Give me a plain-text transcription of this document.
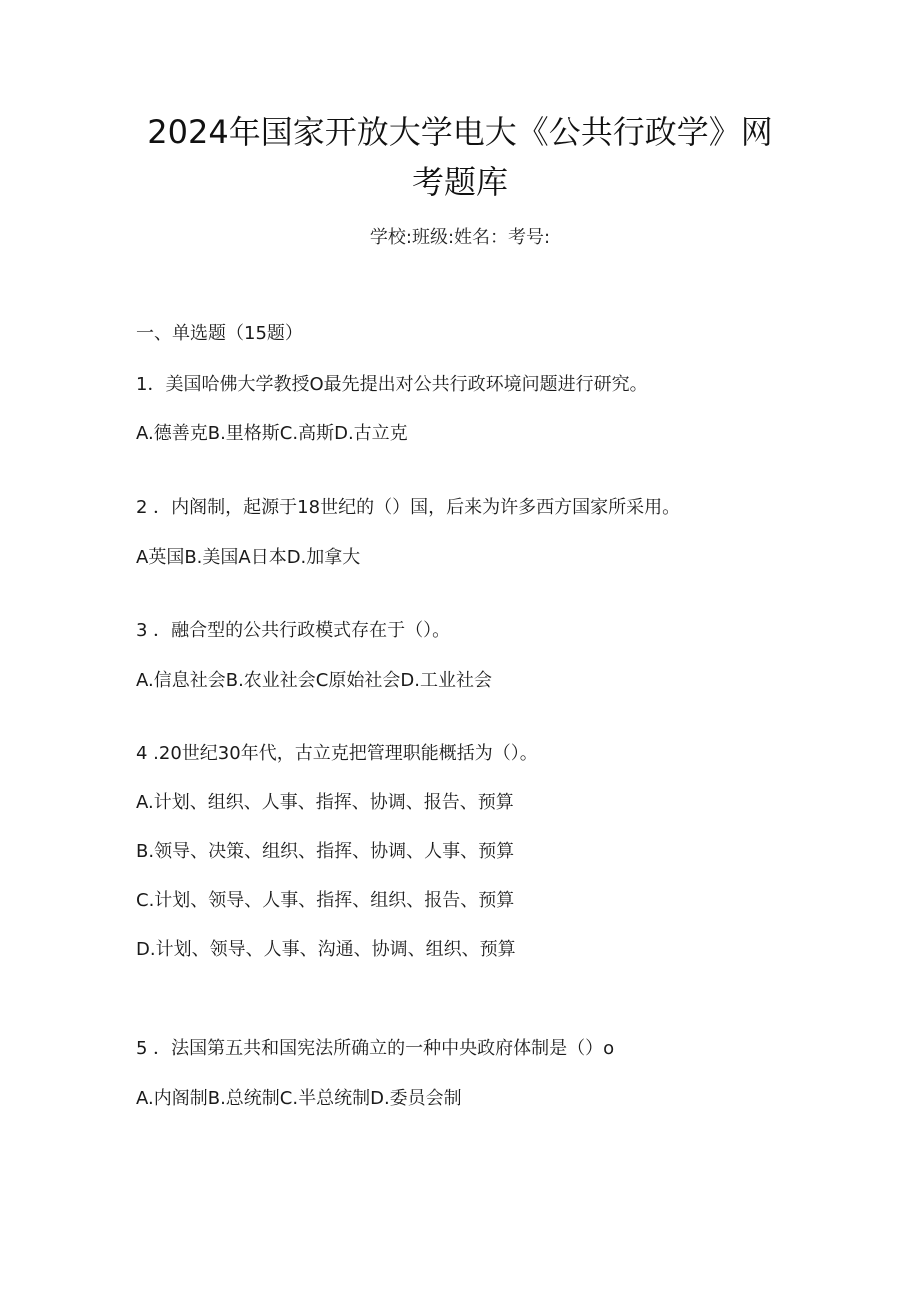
2024年国家开放大学电大《公共行政学》网
考题库
学校:班级:姓名：考号:
一、单选题（15题）
1．美国哈佛大学教授O最先提出对公共行政环境问题进行研究。
A.德善克B.里格斯C.高斯D.古立克
2 ．内阁制，起源于18世纪的（）国，后来为许多西方国家所采用。
A英国B.美国A日本D.加拿大
3 ．融合型的公共行政模式存在于（）。
A.信息社会B.农业社会C原始社会D.工业社会
4 .20世纪30年代，古立克把管理职能概括为（）。
A.计划、组织、人事、指挥、协调、报告、预算
B.领导、决策、组织、指挥、协调、人事、预算
C.计划、领导、人事、指挥、组织、报告、预算
D.计划、领导、人事、沟通、协调、组织、预算
5 ．法国第五共和国宪法所确立的一种中央政府体制是（）o
A.内阁制B.总统制C.半总统制D.委员会制
